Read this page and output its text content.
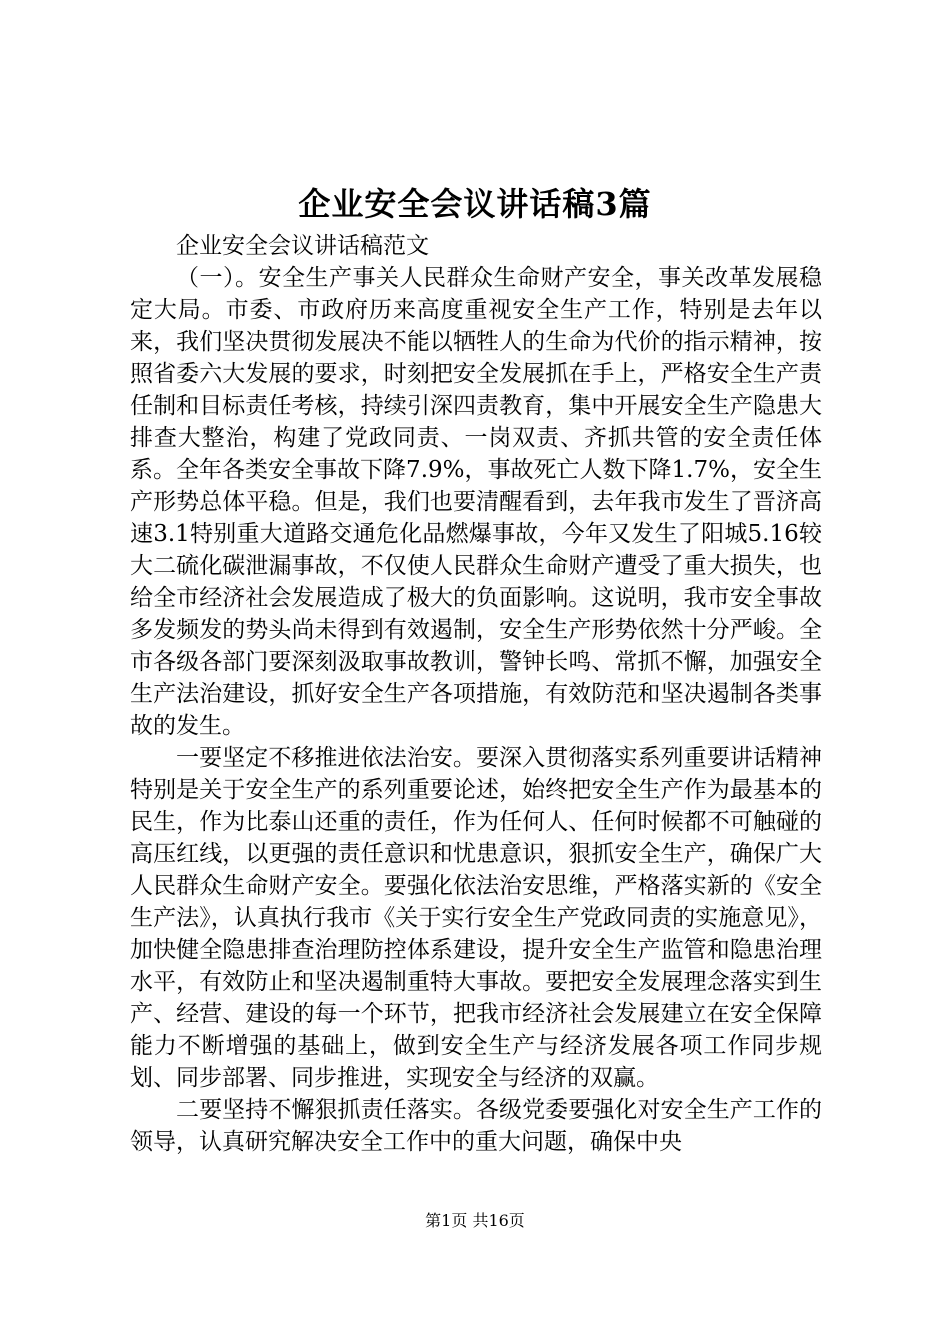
企业安全会议讲话稿3篇

企业安全会议讲话稿范文

（一）。安全生产事关人民群众生命财产安全，事关改革发展稳定大局。市委、市政府历来高度重视安全生产工作，特别是去年以来，我们坚决贯彻发展决不能以牺牲人的生命为代价的指示精神，按照省委六大发展的要求，时刻把安全发展抓在手上，严格安全生产责任制和目标责任考核，持续引深四责教育，集中开展安全生产隐患大排查大整治，构建了党政同责、一岗双责、齐抓共管的安全责任体系。全年各类安全事故下降7.9%，事故死亡人数下降1.7%，安全生产形势总体平稳。但是，我们也要清醒看到，去年我市发生了晋济高速3.1特别重大道路交通危化品燃爆事故，今年又发生了阳城5.16较大二硫化碳泄漏事故，不仅使人民群众生命财产遭受了重大损失，也给全市经济社会发展造成了极大的负面影响。这说明，我市安全事故多发频发的势头尚未得到有效遏制，安全生产形势依然十分严峻。全市各级各部门要深刻汲取事故教训，警钟长鸣、常抓不懈，加强安全生产法治建设，抓好安全生产各项措施，有效防范和坚决遏制各类事故的发生。

一要坚定不移推进依法治安。要深入贯彻落实系列重要讲话精神特别是关于安全生产的系列重要论述，始终把安全生产作为最基本的民生，作为比泰山还重的责任，作为任何人、任何时候都不可触碰的高压红线，以更强的责任意识和忧患意识，狠抓安全生产，确保广大人民群众生命财产安全。要强化依法治安思维，严格落实新的《安全生产法》，认真执行我市《关于实行安全生产党政同责的实施意见》，加快健全隐患排查治理防控体系建设，提升安全生产监管和隐患治理水平，有效防止和坚决遏制重特大事故。要把安全发展理念落实到生产、经营、建设的每一个环节，把我市经济社会发展建立在安全保障能力不断增强的基础上，做到安全生产与经济发展各项工作同步规划、同步部署、同步推进，实现安全与经济的双赢。

二要坚持不懈狠抓责任落实。各级党委要强化对安全生产工作的领导，认真研究解决安全工作中的重大问题，确保中央

第1页 共16页
